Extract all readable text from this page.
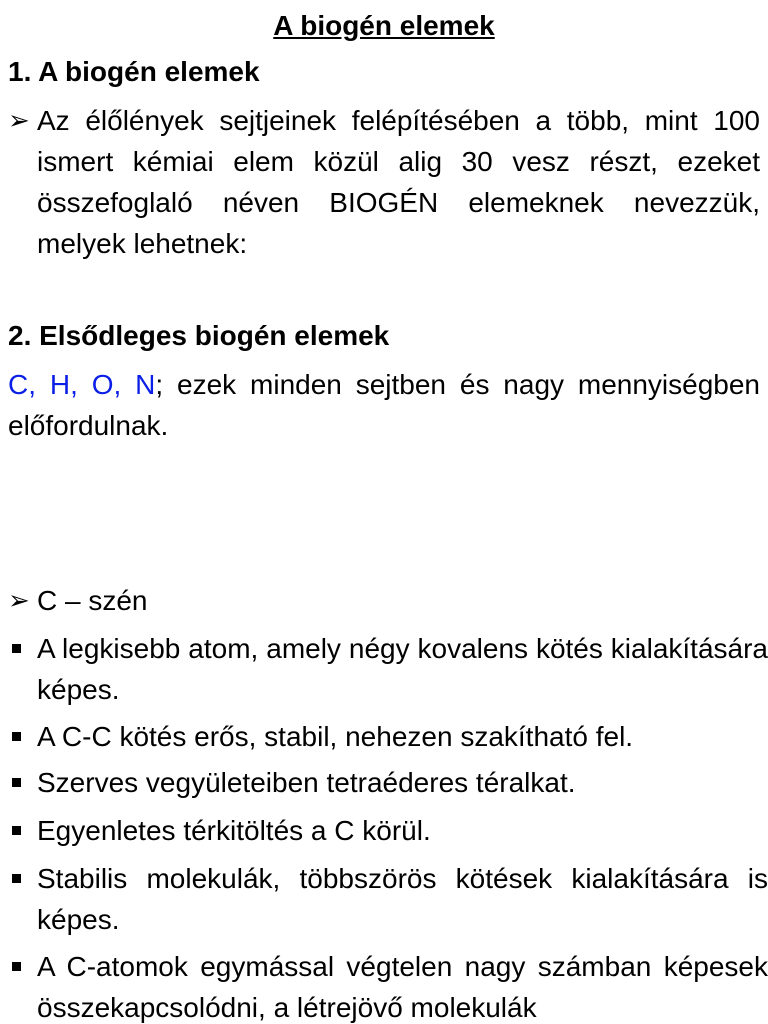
A biogén elemek
1. A biogén elemek
➢ Az élőlények sejtjeinek felépítésében a több, mint 100 ismert kémiai elem közül alig 30 vesz részt, ezeket összefoglaló néven BIOGÉN elemeknek nevezzük, melyek lehetnek:
2. Elsődleges biogén elemek
C, H, O, N; ezek minden sejtben és nagy mennyiségben előfordulnak.
➢ C – szén
A legkisebb atom, amely négy kovalens kötés kialakítására képes.
A C-C kötés erős, stabil, nehezen szakítható fel.
Szerves vegyületeiben tetraéderes téralkat.
Egyenletes térkitöltés a C körül.
Stabilis molekulák, többszörös kötések kialakítására is képes.
A C-atomok egymással végtelen nagy számban képesek összekapcsolódni, a létrejövő molekulák
